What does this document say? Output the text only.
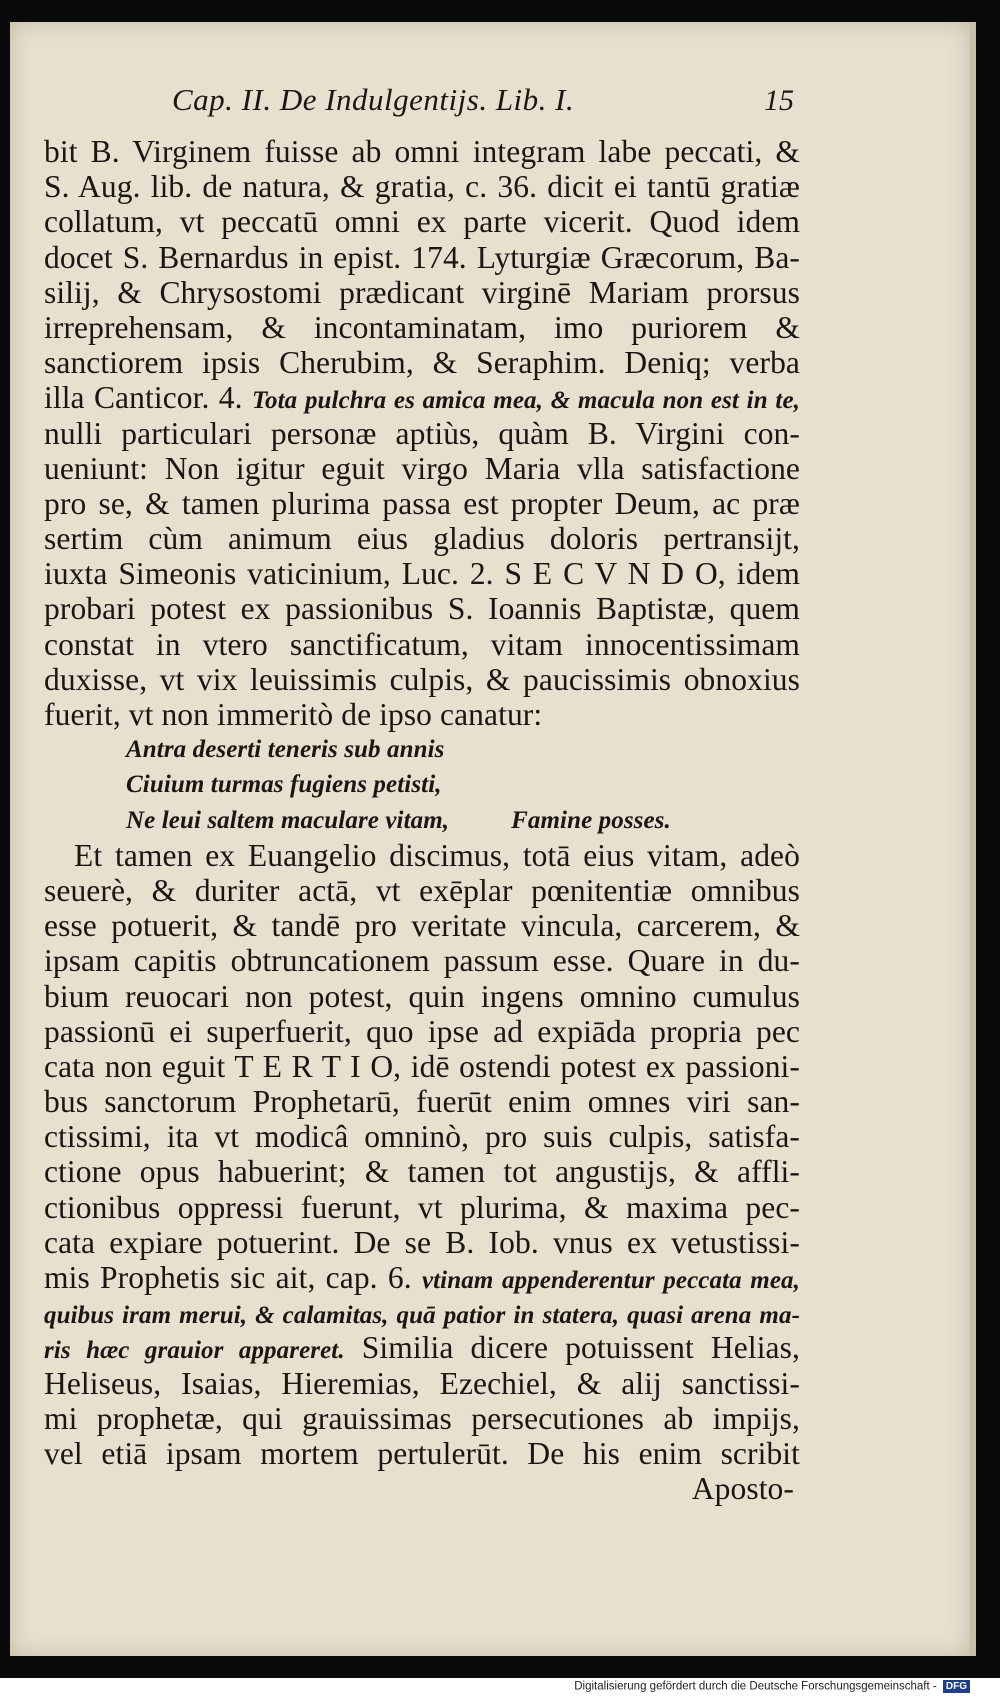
Cap. II. De Indulgentijs. Lib. I.	15
bit B. Virginem fuisse ab omni integram labe peccati, &
S. Aug. lib. de natura, & gratia, c. 36. dicit ei tantū gratiæ
collatum, vt peccatū omni ex parte vicerit. Quod idem
docet S. Bernardus in epist. 174. Lyturgiæ Græcorum, Ba-
silij, & Chrysostomi prædicant virginē Mariam prorsus
irreprehensam, & incontaminatam, imo puriorem &
sanctiorem ipsis Cherubim, & Seraphim. Deniq; verba
illa Canticor. 4. Tota pulchra es amica mea, & macula non est in te,
nulli particulari personæ aptiùs, quàm B. Virgini con-
ueniunt: Non igitur eguit virgo Maria vlla satisfactione
pro se, & tamen plurima passa est propter Deum, ac præ
sertim cùm animum eius gladius doloris pertransijt,
iuxta Simeonis vaticinium, Luc. 2. S E C V N D O, idem
probari potest ex passionibus S. Ioannis Baptistæ, quem
constat in vtero sanctificatum, vitam innocentissimam
duxisse, vt vix leuissimis culpis, & paucissimis obnoxius
fuerit, vt non immeritò de ipso canatur:
Antra deserti teneris sub annis
Ciuium turmas fugiens petisti,
Ne leui saltem maculare vitam, Famine posses.
Et tamen ex Euangelio discimus, totā eius vitam, adeò
seuerè, & duriter actā, vt exēplar pœnitentiæ omnibus
esse potuerit, & tandē pro veritate vincula, carcerem, &
ipsam capitis obtruncationem passum esse. Quare in du-
bium reuocari non potest, quin ingens omnino cumulus
passionū ei superfuerit, quo ipse ad expiāda propria pec
cata non eguit T E R T I O, idē ostendi potest ex passioni-
bus sanctorum Prophetarū, fuerūt enim omnes viri san-
ctissimi, ita vt modicâ omninò, pro suis culpis, satisfa-
ctione opus habuerint; & tamen tot angustijs, & affli-
ctionibus oppressi fuerunt, vt plurima, & maxima pec-
cata expiare potuerint. De se B. Iob. vnus ex vetustissi-
mis Prophetis sic ait, cap. 6. vtinam appenderentur peccata mea,
quibus iram merui, & calamitas, quā patior in statera, quasi arena ma-
ris hæc grauior appareret. Similia dicere potuissent Helias,
Heliseus, Isaias, Hieremias, Ezechiel, & alij sanctissi-
mi prophetæ, qui grauissimas persecutiones ab impijs,
vel etiā ipsam mortem pertulerūt. De his enim scribit
Aposto-
Digitalisierung gefördert durch die Deutsche Forschungsgemeinschaft - DFG
